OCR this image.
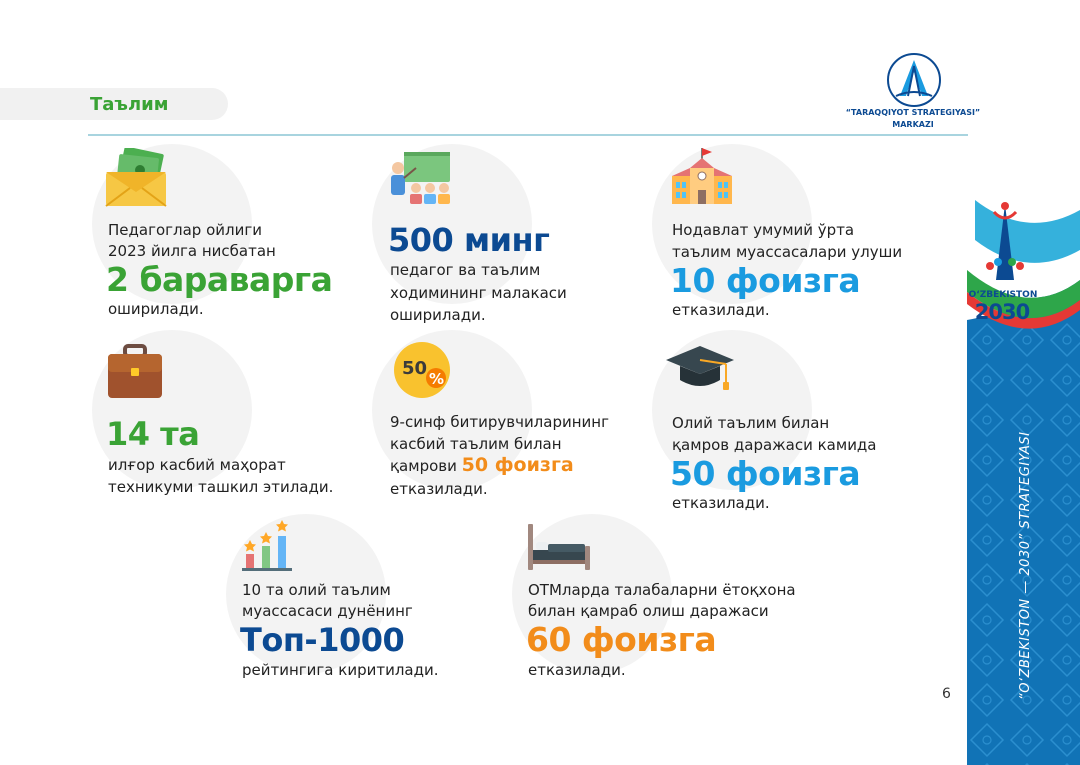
Таълим	“TARAQQIYOT STRATEGIYASI”
MARKAZI
Педагоглар ойлиги
2023 йилга нисбатан
2 бараварга
оширилади.
500 минг
педагог ва таълим
ходимининг малакаси
оширилади.
Нодавлат умумий ўрта
таълим муассасалари улуши
10 фоизга
етказилади.
14 та
илғор касбий маҳорат
техникуми ташкил этилади.
50 %
9-синф битирувчиларининг
касбий таълим билан
қамрови 50 фоизга
етказилади.
Олий таълим билан
қамров даражаси камида
50 фоизга
етказилади.
10 та олий таълим
муассасаси дунёнинг
Топ-1000
рейтингига киритилади.
ОТМларда талабаларни ётоқхона
билан қамраб олиш даражаси
60 фоизга
етказилади.
6
O‘ZBEKISTON
2030
“O‘ZBEKISTON — 2030” STRATEGIYASI
